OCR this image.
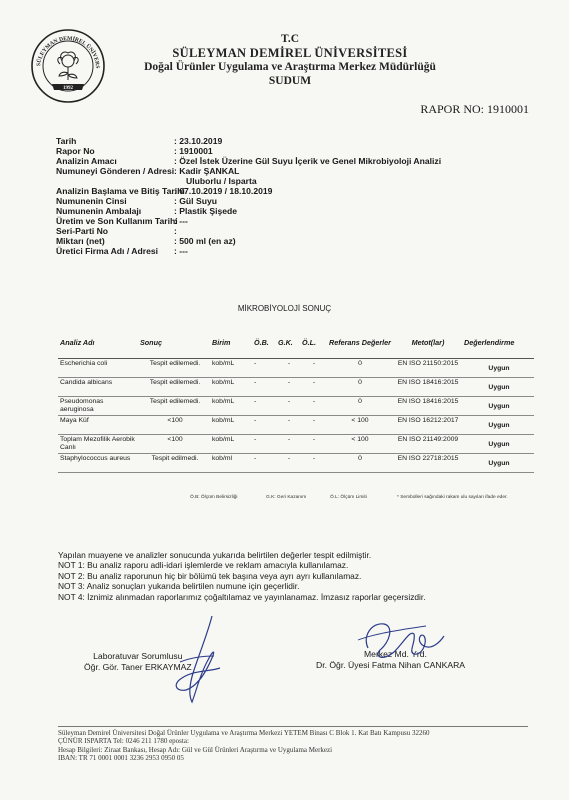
SÜLEYMAN DEMİREL ÜNİVERS
1992
T.C
SÜLEYMAN DEMİREL ÜNİVERSİTESİ
Doğal Ürünler Uygulama ve Araştırma Merkez Müdürlüğü
SUDUM
RAPOR NO: 1910001
Tarih	: 23.10.2019
Rapor No	: 1910001
Analizin Amacı	: Özel İstek Üzerine Gül Suyu İçerik ve Genel Mikrobiyoloji Analizi
Numuneyi Gönderen / Adresi : Kadir ŞANKAL
Uluborlu / Isparta
Analizin Başlama ve Bitiş Tarihi
: 07.10.2019 / 18.10.2019
Numunenin Cinsi	: Gül Suyu
Numunenin Ambalajı	: Plastik Şişede
Üretim ve Son Kullanım Tarihi
: ---
Seri-Parti No	:
Miktarı (net)	: 500 ml (en az)
Üretici Firma Adı / Adresi	: ---
MİKROBİYOLOJİ SONUÇ
Analiz Adı	Sonuç	Birim	Ö.B.	G.K.	Ö.L.	Referans Değerler	Metot(lar)	Değerlendirme
Escherichia coli	Tespit edilemedi.	kob/mL	-	-	-	0	EN ISO 21150:2015	Uygun
Candida albicans	Tespit edilemedi.	kob/mL	-	-	-	0	EN ISO 18416:2015	Uygun
Pseudomonas aeruginosa	Tespit edilemedi.	kob/mL	-	-	-	0	EN ISO 18416:2015	Uygun
Maya Küf	<100	kob/mL	-	-	-	< 100	EN ISO 16212:2017	Uygun
Toplam Mezofilik Aerobik Canlı	<100	kob/mL	-	-	-	< 100	EN ISO 21149:2009	Uygun
Staphylococcus aureus	Tespit edilmedi.	kob/ml	-	-	-	0	EN ISO 22718:2015	Uygun
Ö.B: Ölçüm Belirsizliği	G.K: Geri Kazanım	Ö.L: Ölçüm Limiti	* Sembolleri sağındaki rakam ulu sayıları ifade eder.
Yapılan muayene ve analizler sonucunda yukarıda belirtilen değerler tespit edilmiştir.
NOT 1: Bu analiz raporu adli-idari işlemlerde ve reklam amacıyla kullanılamaz.
NOT 2: Bu analiz raporunun hiç bir bölümü tek başına veya ayrı ayrı kullanılamaz.
NOT 3: Analiz sonuçları yukarıda belirtilen numune için geçerlidir.
NOT 4: İznimiz alınmadan raporlarımız çoğaltılamaz ve yayınlanamaz. İmzasız raporlar geçersizdir.
Laboratuvar Sorumlusu
Öğr. Gör. Taner ERKAYMAZ
Merkez Md. Yrd.
Dr. Öğr. Üyesi Fatma Nihan CANKARA
Süleyman Demirel Üniversitesi Doğal Ürünler Uygulama ve Araştırma Merkezi YETEM Binası C Blok 1. Kat Batı Kampusu 32260
ÇÜNÜR ISPARTA Tel: 0246 211 1780 eposta:
Hesap Bilgileri: Ziraat Bankası, Hesap Adı: Gül ve Gül Ürünleri Araştırma ve Uygulama Merkezi
IBAN: TR 71 0001 0001 3236 2953 0950 05
